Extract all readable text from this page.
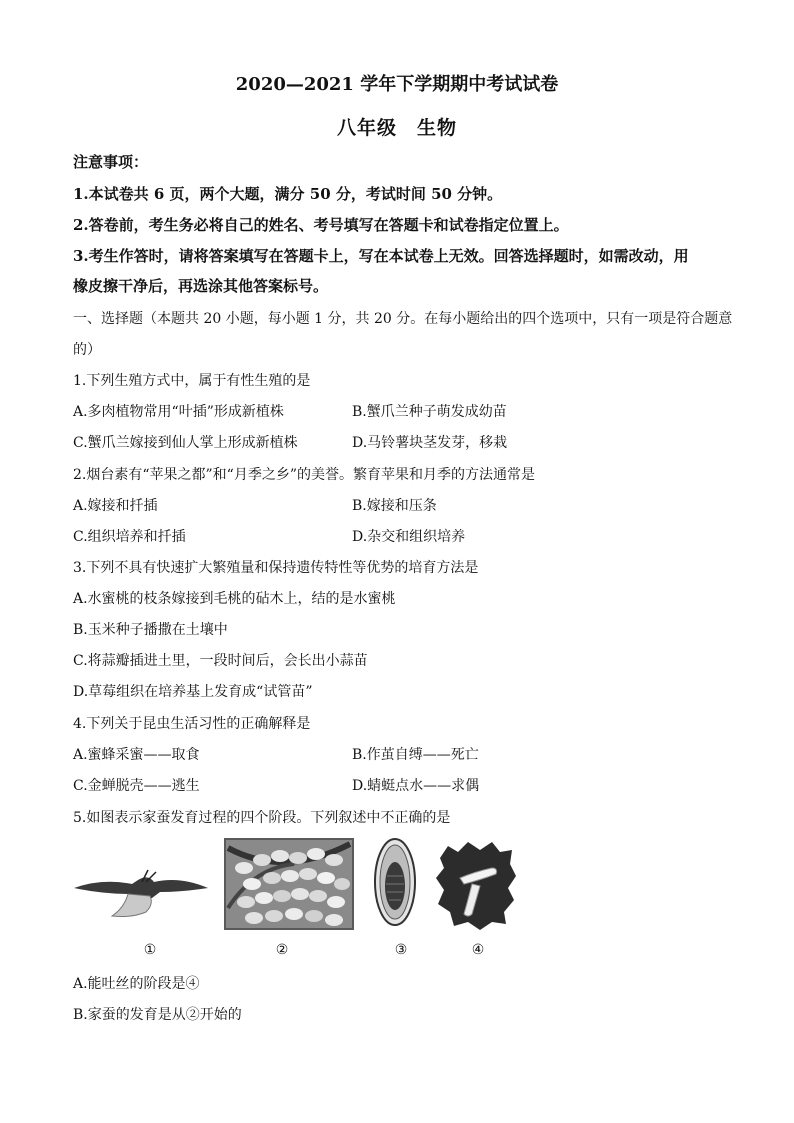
2020—2021 学年下学期期中考试试卷
八年级　生物
注意事项：
1.本试卷共 6 页，两个大题，满分 50 分，考试时间 50 分钟。
2.答卷前，考生务必将自己的姓名、考号填写在答题卡和试卷指定位置上。
3.考生作答时，请将答案填写在答题卡上，写在本试卷上无效。回答选择题时，如需改动，用
橡皮擦干净后，再选涂其他答案标号。
一、选择题（本题共 20 小题，每小题 1 分，共 20 分。在每小题给出的四个选项中，只有一项是符合题意
的）
1.下列生殖方式中，属于有性生殖的是
A.多肉植物常用“叶插”形成新植株	B.蟹爪兰种子萌发成幼苗
C.蟹爪兰嫁接到仙人掌上形成新植株	D.马铃薯块茎发芽，移栽
2.烟台素有“苹果之都”和“月季之乡”的美誉。繁育苹果和月季的方法通常是
A.嫁接和扦插	B.嫁接和压条
C.组织培养和扦插	D.杂交和组织培养
3.下列不具有快速扩大繁殖量和保持遗传特性等优势的培育方法是
A.水蜜桃的枝条嫁接到毛桃的砧木上，结的是水蜜桃
B.玉米种子播撒在土壤中
C.将蒜瓣插进土里，一段时间后，会长出小蒜苗
D.草莓组织在培养基上发育成“试管苗”
4.下列关于昆虫生活习性的正确解释是
A.蜜蜂采蜜——取食	B.作茧自缚——死亡
C.金蝉脱壳——逃生	D.蜻蜓点水——求偶
5.如图表示家蚕发育过程的四个阶段。下列叙述中不正确的是
①	②	③	④
A.能吐丝的阶段是④
B.家蚕的发育是从②开始的
